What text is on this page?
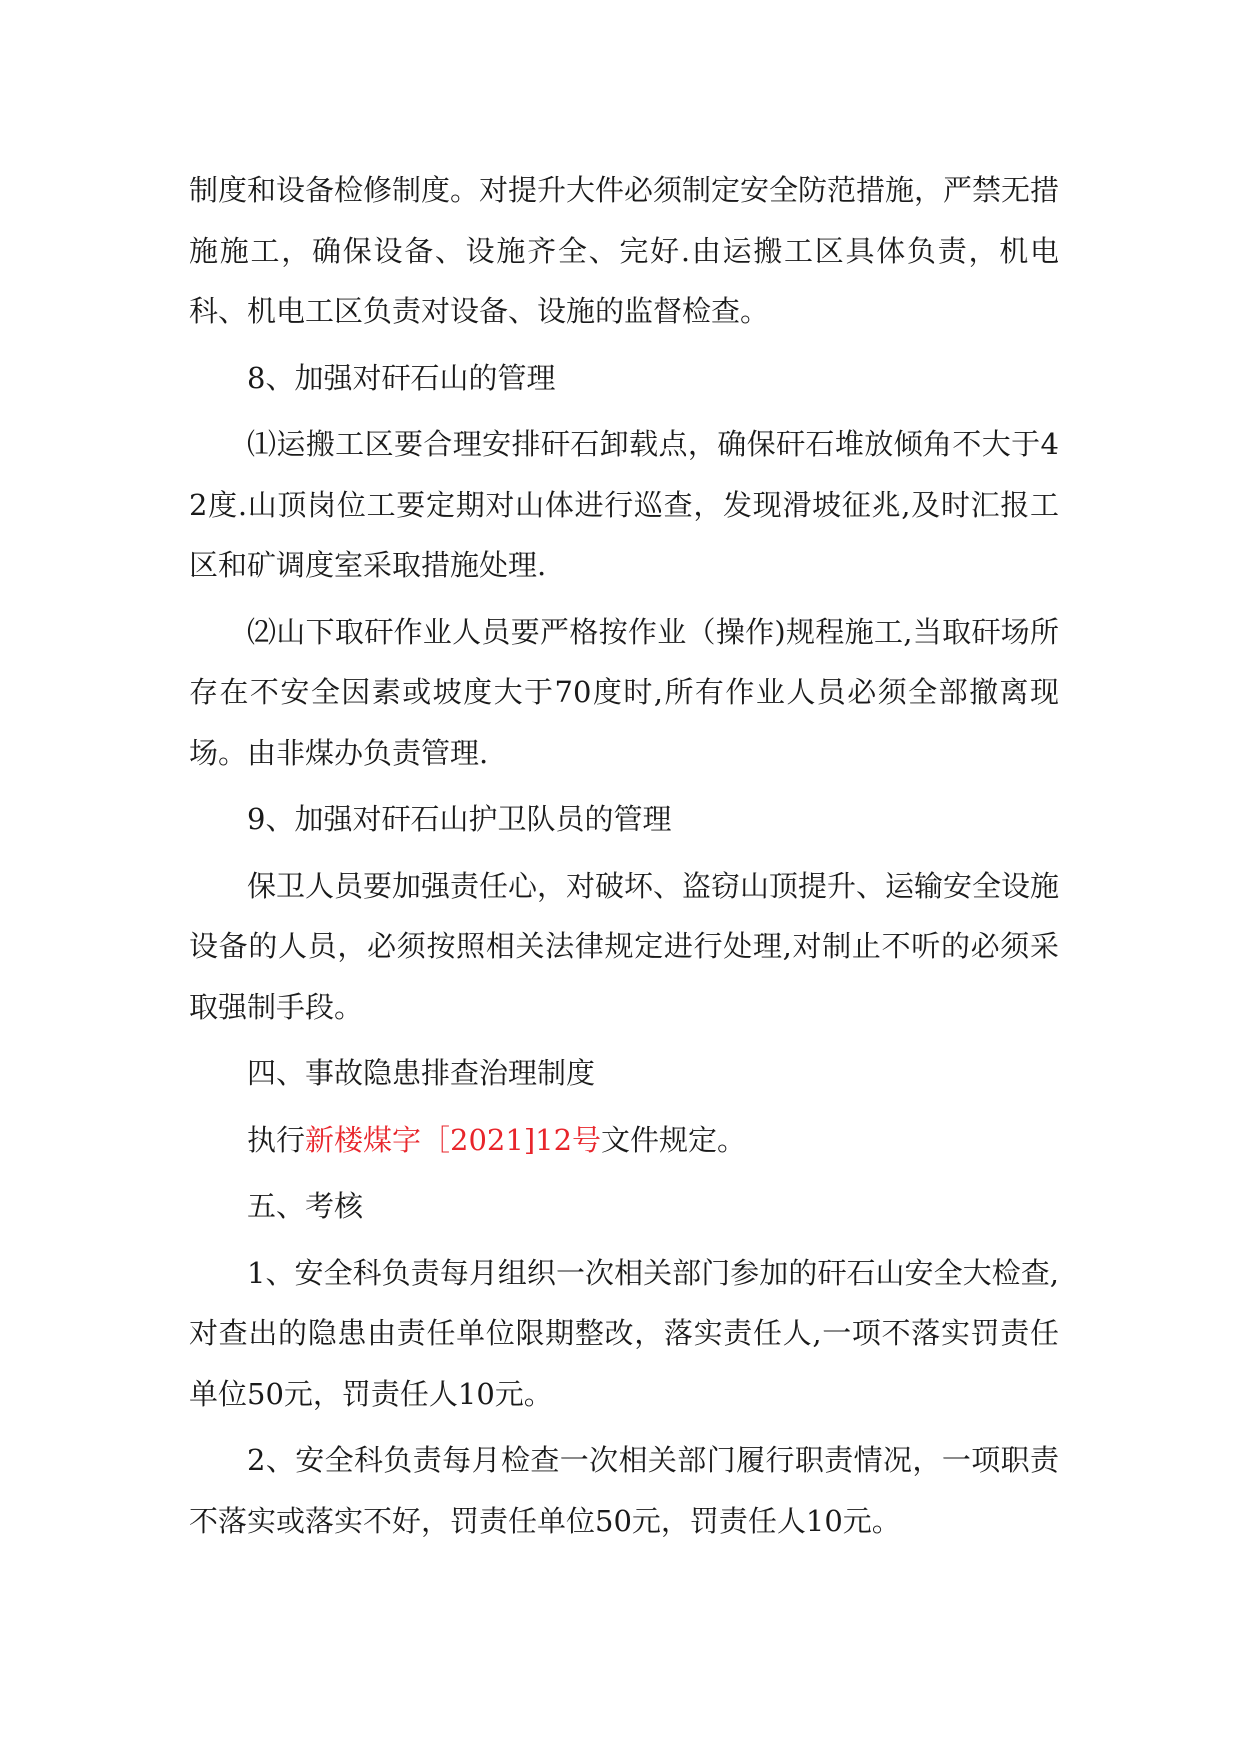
制度和设备检修制度。对提升大件必须制定安全防范措施，严禁无措施施工，确保设备、设施齐全、完好.由运搬工区具体负责，机电科、机电工区负责对设备、设施的监督检查。

8、加强对矸石山的管理

⑴运搬工区要合理安排矸石卸载点，确保矸石堆放倾角不大于42度.山顶岗位工要定期对山体进行巡查，发现滑坡征兆,及时汇报工区和矿调度室采取措施处理.

⑵山下取矸作业人员要严格按作业（操作)规程施工,当取矸场所存在不安全因素或坡度大于70度时,所有作业人员必须全部撤离现场。由非煤办负责管理.

9、加强对矸石山护卫队员的管理

保卫人员要加强责任心，对破坏、盗窃山顶提升、运输安全设施设备的人员，必须按照相关法律规定进行处理,对制止不听的必须采取强制手段。

四、事故隐患排查治理制度

执行新楼煤字［2021]12号文件规定。

五、考核

1、安全科负责每月组织一次相关部门参加的矸石山安全大检查,对查出的隐患由责任单位限期整改，落实责任人,一项不落实罚责任单位50元，罚责任人10元。

2、安全科负责每月检查一次相关部门履行职责情况，一项职责不落实或落实不好，罚责任单位50元，罚责任人10元。
